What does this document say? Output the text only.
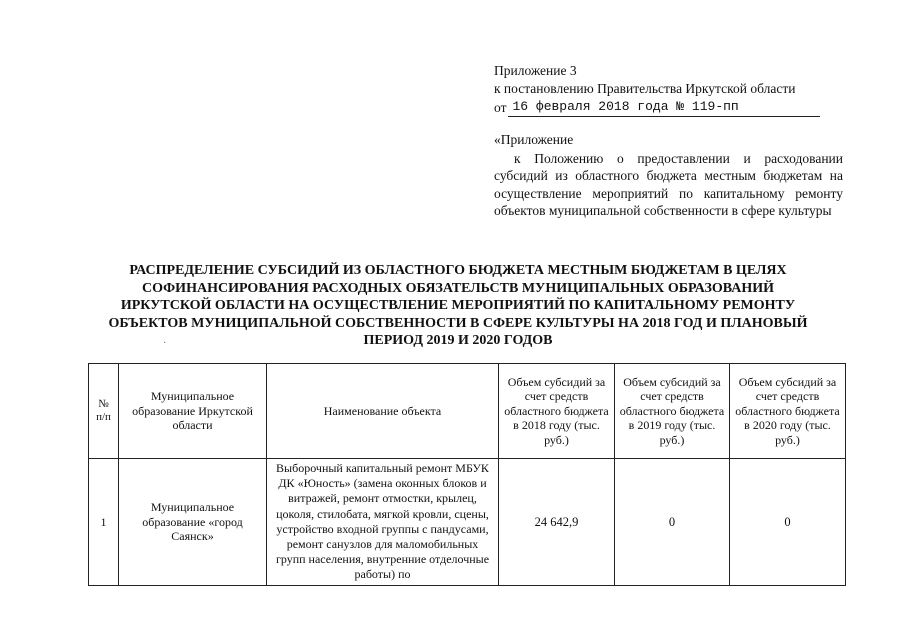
Приложение 3
к постановлению Правительства Иркутской области
от 16 февраля 2018 года № 119-пп
«Приложение
к Положению о предоставлении и расходовании субсидий из областного бюджета местным бюджетам на осуществление мероприятий по капитальному ремонту объектов муниципальной собственности в сфере культуры
РАСПРЕДЕЛЕНИЕ СУБСИДИЙ ИЗ ОБЛАСТНОГО БЮДЖЕТА МЕСТНЫМ БЮДЖЕТАМ В ЦЕЛЯХ
СОФИНАНСИРОВАНИЯ РАСХОДНЫХ ОБЯЗАТЕЛЬСТВ МУНИЦИПАЛЬНЫХ ОБРАЗОВАНИЙ
ИРКУТСКОЙ ОБЛАСТИ НА ОСУЩЕСТВЛЕНИЕ МЕРОПРИЯТИЙ ПО КАПИТАЛЬНОМУ РЕМОНТУ
ОБЪЕКТОВ МУНИЦИПАЛЬНОЙ СОБСТВЕННОСТИ В СФЕРЕ КУЛЬТУРЫ НА 2018 ГОД И ПЛАНОВЫЙ
ПЕРИОД 2019 И 2020 ГОДОВ
·
№ п/п	Муниципальное образование Иркутской области	Наименование объекта	Объем субсидий за счет средств областного бюджета в 2018 году (тыс. руб.)	Объем субсидий за счет средств областного бюджета в 2019 году (тыс. руб.)	Объем субсидий за счет средств областного бюджета в 2020 году (тыс. руб.)
1	Муниципальное образование «город Саянск»	Выборочный капитальный ремонт МБУК ДК «Юность» (замена оконных блоков и витражей, ремонт отмостки, крылец, цоколя, стилобата, мягкой кровли, сцены, устройство входной группы с пандусами, ремонт санузлов для маломобильных групп населения, внутренние отделочные работы) по	24 642,9	0	0
